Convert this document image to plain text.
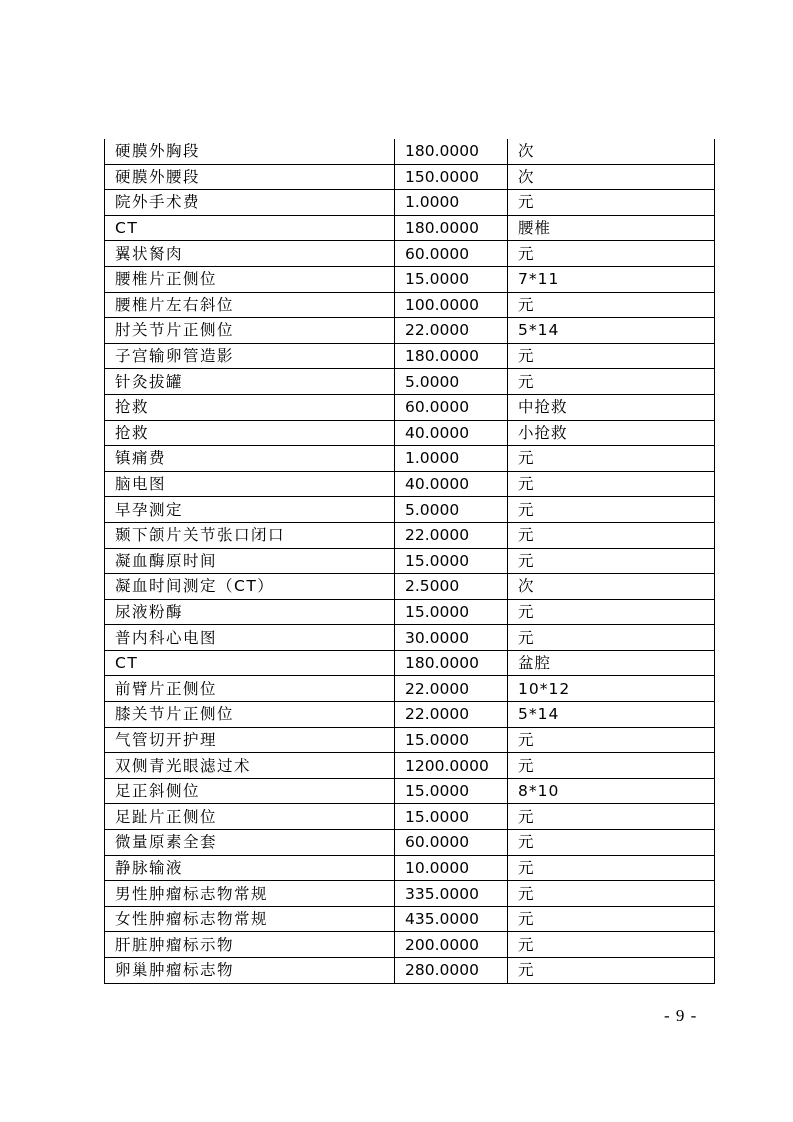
硬膜外胸段	180.0000	次
硬膜外腰段	150.0000	次
院外手术费	1.0000	元
CT	180.0000	腰椎
翼状胬肉	60.0000	元
腰椎片正侧位	15.0000	7*11
腰椎片左右斜位	100.0000	元
肘关节片正侧位	22.0000	5*14
子宫输卵管造影	180.0000	元
针灸拔罐	5.0000	元
抢救	60.0000	中抢救
抢救	40.0000	小抢救
镇痛费	1.0000	元
脑电图	40.0000	元
早孕测定	5.0000	元
颞下颌片关节张口闭口	22.0000	元
凝血酶原时间	15.0000	元
凝血时间测定（CT）	2.5000	次
尿液粉酶	15.0000	元
普内科心电图	30.0000	元
CT	180.0000	盆腔
前臂片正侧位	22.0000	10*12
膝关节片正侧位	22.0000	5*14
气管切开护理	15.0000	元
双侧青光眼滤过术	1200.0000	元
足正斜侧位	15.0000	8*10
足趾片正侧位	15.0000	元
微量原素全套	60.0000	元
静脉输液	10.0000	元
男性肿瘤标志物常规	335.0000	元
女性肿瘤标志物常规	435.0000	元
肝脏肿瘤标示物	200.0000	元
卵巢肿瘤标志物	280.0000	元
- 9 -
